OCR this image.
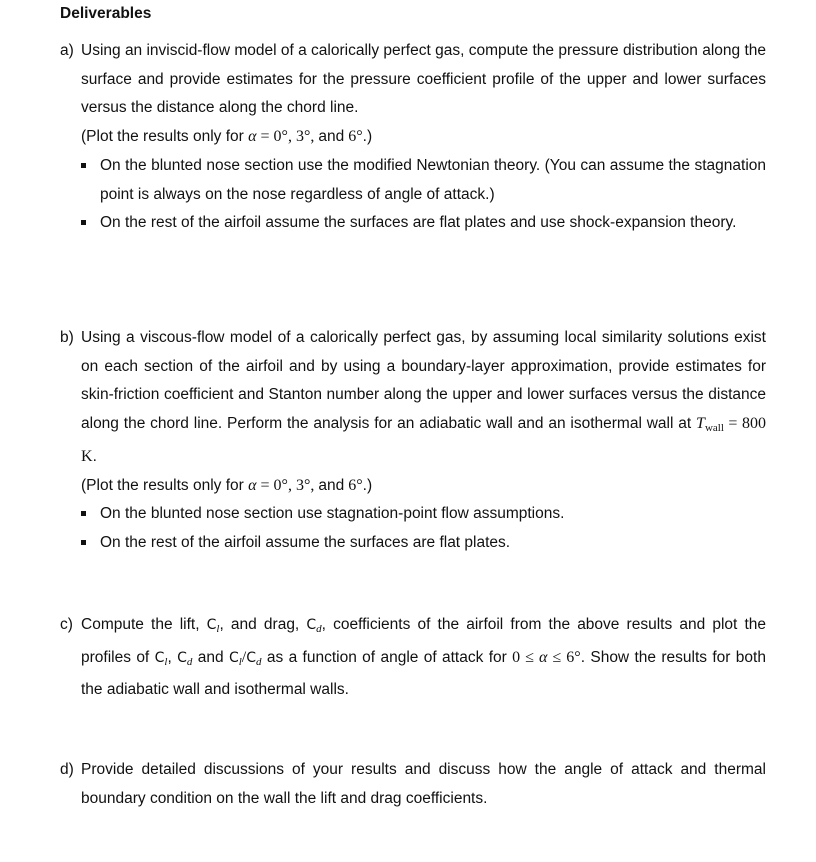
Deliverables
a) Using an inviscid-flow model of a calorically perfect gas, compute the pressure distribution along the surface and provide estimates for the pressure coefficient profile of the upper and lower surfaces versus the distance along the chord line.

(Plot the results only for α = 0°, 3°, and 6°.)

On the blunted nose section use the modified Newtonian theory. (You can assume the stagnation point is always on the nose regardless of angle of attack.)
On the rest of the airfoil assume the surfaces are flat plates and use shock-expansion theory.
b) Using a viscous-flow model of a calorically perfect gas, by assuming local similarity solutions exist on each section of the airfoil and by using a boundary-layer approximation, provide estimates for skin-friction coefficient and Stanton number along the upper and lower surfaces versus the distance along the chord line. Perform the analysis for an adiabatic wall and an isothermal wall at $T_{wall} = 800$ K.

(Plot the results only for α = 0°, 3°, and 6°.)

On the blunted nose section use stagnation-point flow assumptions.
On the rest of the airfoil assume the surfaces are flat plates.
c) Compute the lift, Cl, and drag, Cd, coefficients of the airfoil from the above results and plot the profiles of Cl, Cd and Cl/Cd as a function of angle of attack for 0 ≤ α ≤ 6°. Show the results for both the adiabatic wall and isothermal walls.

d) Provide detailed discussions of your results and discuss how the angle of attack and thermal boundary condition on the wall the lift and drag coefficients.
